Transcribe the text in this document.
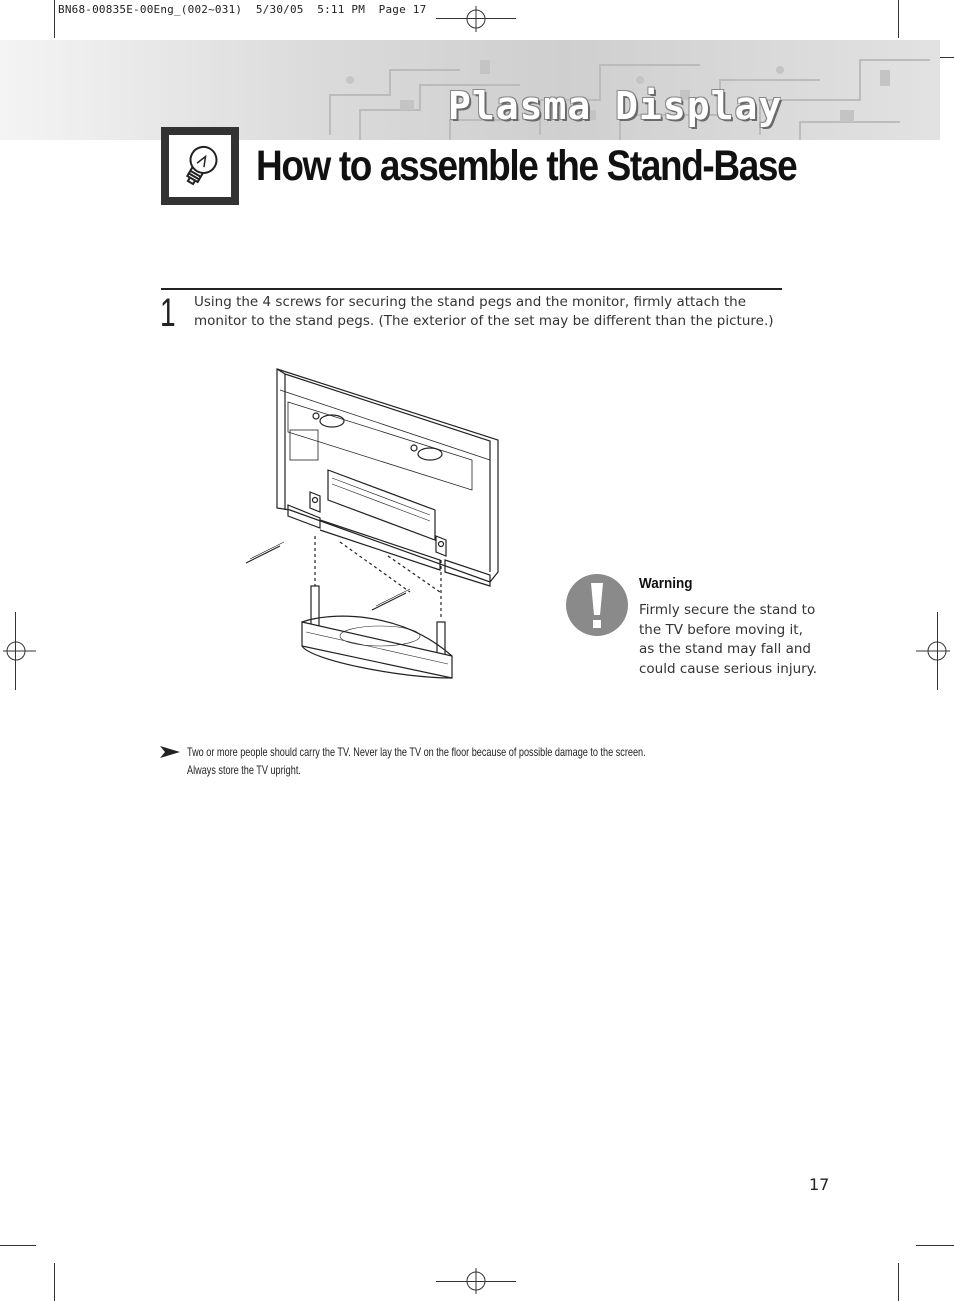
BN68-00835E-00Eng_(002~031)  5/30/05  5:11 PM  Page 17
Plasma Display
How to assemble the Stand-Base
1 Using the 4 screws for securing the stand pegs and the monitor, firmly attach the monitor to the stand pegs. (The exterior of the set may be different than the picture.)
Warning
Firmly secure the stand to
the TV before moving it,
as the stand may fall and
could cause serious injury.
Two or more people should carry the TV. Never lay the TV on the floor because of possible damage to the screen.
Always store the TV upright.
17
